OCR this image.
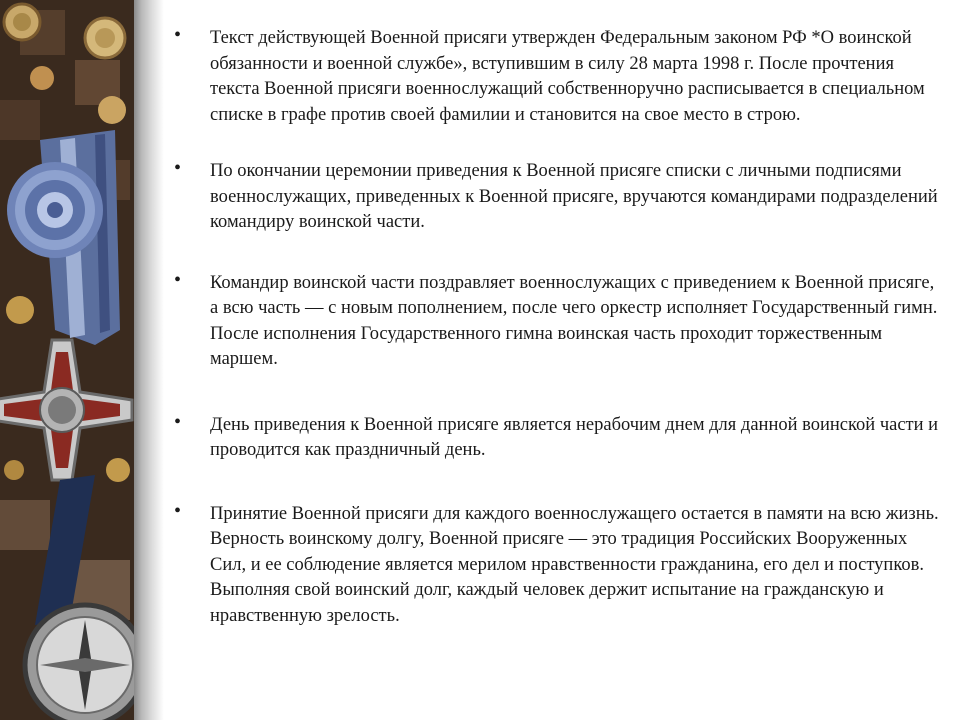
• Текст действующей Военной присяги утвержден Федеральным законом РФ *О воинской обязанности и военной службе», вступившим в силу 28 марта 1998 г. После прочтения текста Военной присяги военнослужащий собственноручно расписывается в специальном списке в графе против своей фамилии и становится на свое место в строю.

• По окончании церемонии приведения к Военной присяге списки с личными подписями военнослужащих, приведенных к Военной присяге, вручаются командирами подразделений командиру воинской части.

• Командир воинской части поздравляет военнослужащих с приведением к Военной присяге, а всю часть — с новым пополнением, после чего оркестр исполняет Государственный гимн. После исполнения Государственного гимна воинская часть проходит торжественным маршем.

• День приведения к Военной присяге является нерабочим днем для данной воинской части и проводится как праздничный день.

• Принятие Военной присяги для каждого военнослужащего остается в памяти на всю жизнь. Верность воинскому долгу, Военной присяге — это традиция Российских Вооруженных Сил, и ее соблюдение является мерилом нравственности гражданина, его дел и поступков. Выполняя свой воинский долг, каждый человек держит испытание на гражданскую и нравственную зрелость.
